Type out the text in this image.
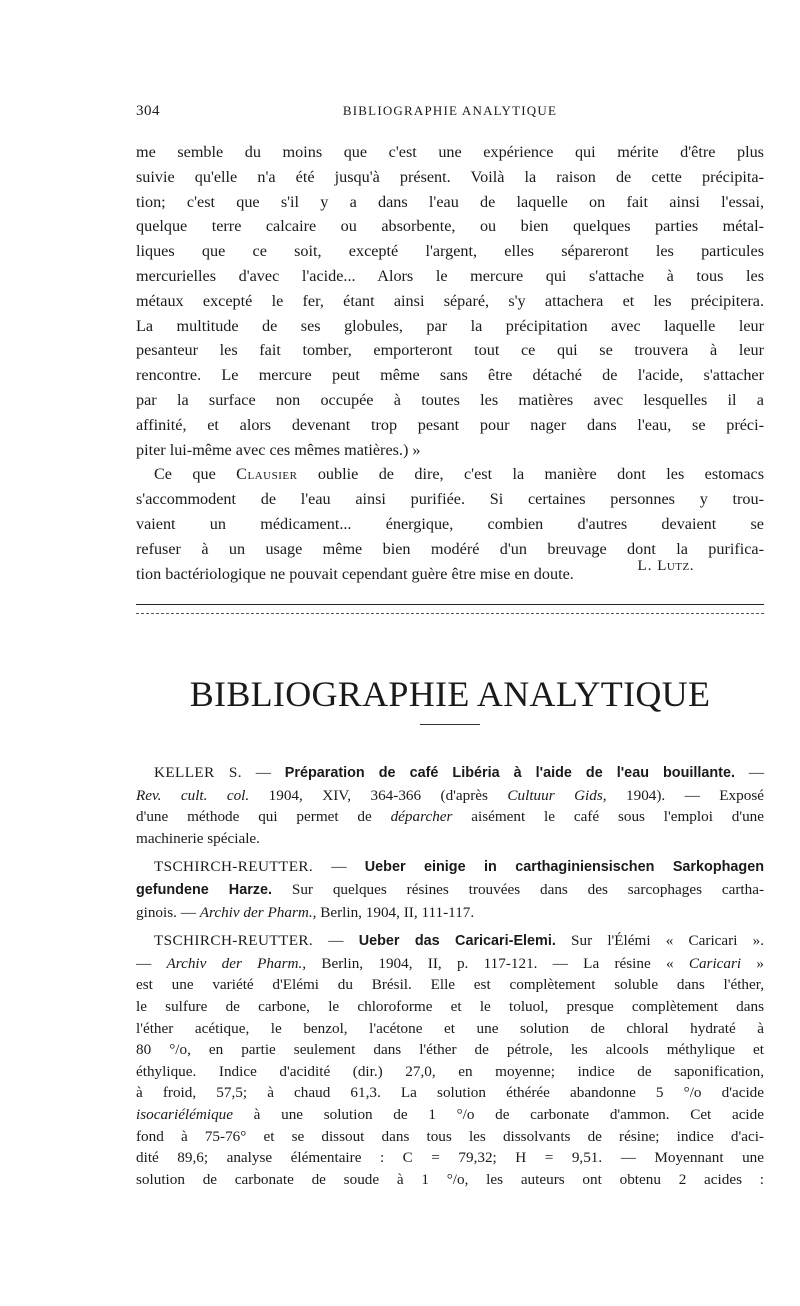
304	BIBLIOGRAPHIE ANALYTIQUE
me semble du moins que c'est une expérience qui mérite d'être plus
suivie qu'elle n'a été jusqu'à présent. Voilà la raison de cette précipita-
tion; c'est que s'il y a dans l'eau de laquelle on fait ainsi l'essai,
quelque terre calcaire ou absorbente, ou bien quelques parties métal-
liques que ce soit, excepté l'argent, elles sépareront les particules
mercurielles d'avec l'acide... Alors le mercure qui s'attache à tous les
métaux excepté le fer, étant ainsi séparé, s'y attachera et les précipitera.
La multitude de ses globules, par la précipitation avec laquelle leur
pesanteur les fait tomber, emporteront tout ce qui se trouvera à leur
rencontre. Le mercure peut même sans être détaché de l'acide, s'attacher
par la surface non occupée à toutes les matières avec lesquelles il a
affinité, et alors devenant trop pesant pour nager dans l'eau, se préci-
piter lui-même avec ces mêmes matières.) »
Ce que Clausier oublie de dire, c'est la manière dont les estomacs
s'accommodent de l'eau ainsi purifiée. Si certaines personnes y trou-
vaient un médicament... énergique, combien d'autres devaient se
refuser à un usage même bien modéré d'un breuvage dont la purifica-
tion bactériologique ne pouvait cependant guère être mise en doute.	L. Lutz.
BIBLIOGRAPHIE ANALYTIQUE
KELLER S. — Préparation de café Libéria à l'aide de l'eau bouillante. —
Rev. cult. col. 1904, XIV, 364-366 (d'après Cultuur Gids, 1904). — Exposé
d'une méthode qui permet de déparcher aisément le café sous l'emploi d'une
machinerie spéciale.
TSCHIRCH-REUTTER. — Ueber einige in carthaginiensischen Sarkophagen
gefundene Harze. Sur quelques résines trouvées dans des sarcophages cartha-
ginois. — Archiv der Pharm., Berlin, 1904, II, 111-117.
TSCHIRCH-REUTTER. — Ueber das Caricari-Elemi. Sur l'Élémi « Caricari ».
— Archiv der Pharm., Berlin, 1904, II, p. 117-121. — La résine « Caricari »
est une variété d'Elémi du Brésil. Elle est complètement soluble dans l'éther,
le sulfure de carbone, le chloroforme et le toluol, presque complètement dans
l'éther acétique, le benzol, l'acétone et une solution de chloral hydraté à
80 °/o, en partie seulement dans l'éther de pétrole, les alcools méthylique et
éthylique. Indice d'acidité (dir.) 27,0, en moyenne; indice de saponification,
à froid, 57,5; à chaud 61,3. La solution éthérée abandonne 5 °/o d'acide
isocariélémique à une solution de 1 °/o de carbonate d'ammon. Cet acide
fond à 75-76° et se dissout dans tous les dissolvants de résine; indice d'aci-
dité 89,6; analyse élémentaire : C = 79,32; H = 9,51. — Moyennant une
solution de carbonate de soude à 1 °/o, les auteurs ont obtenu 2 acides :
